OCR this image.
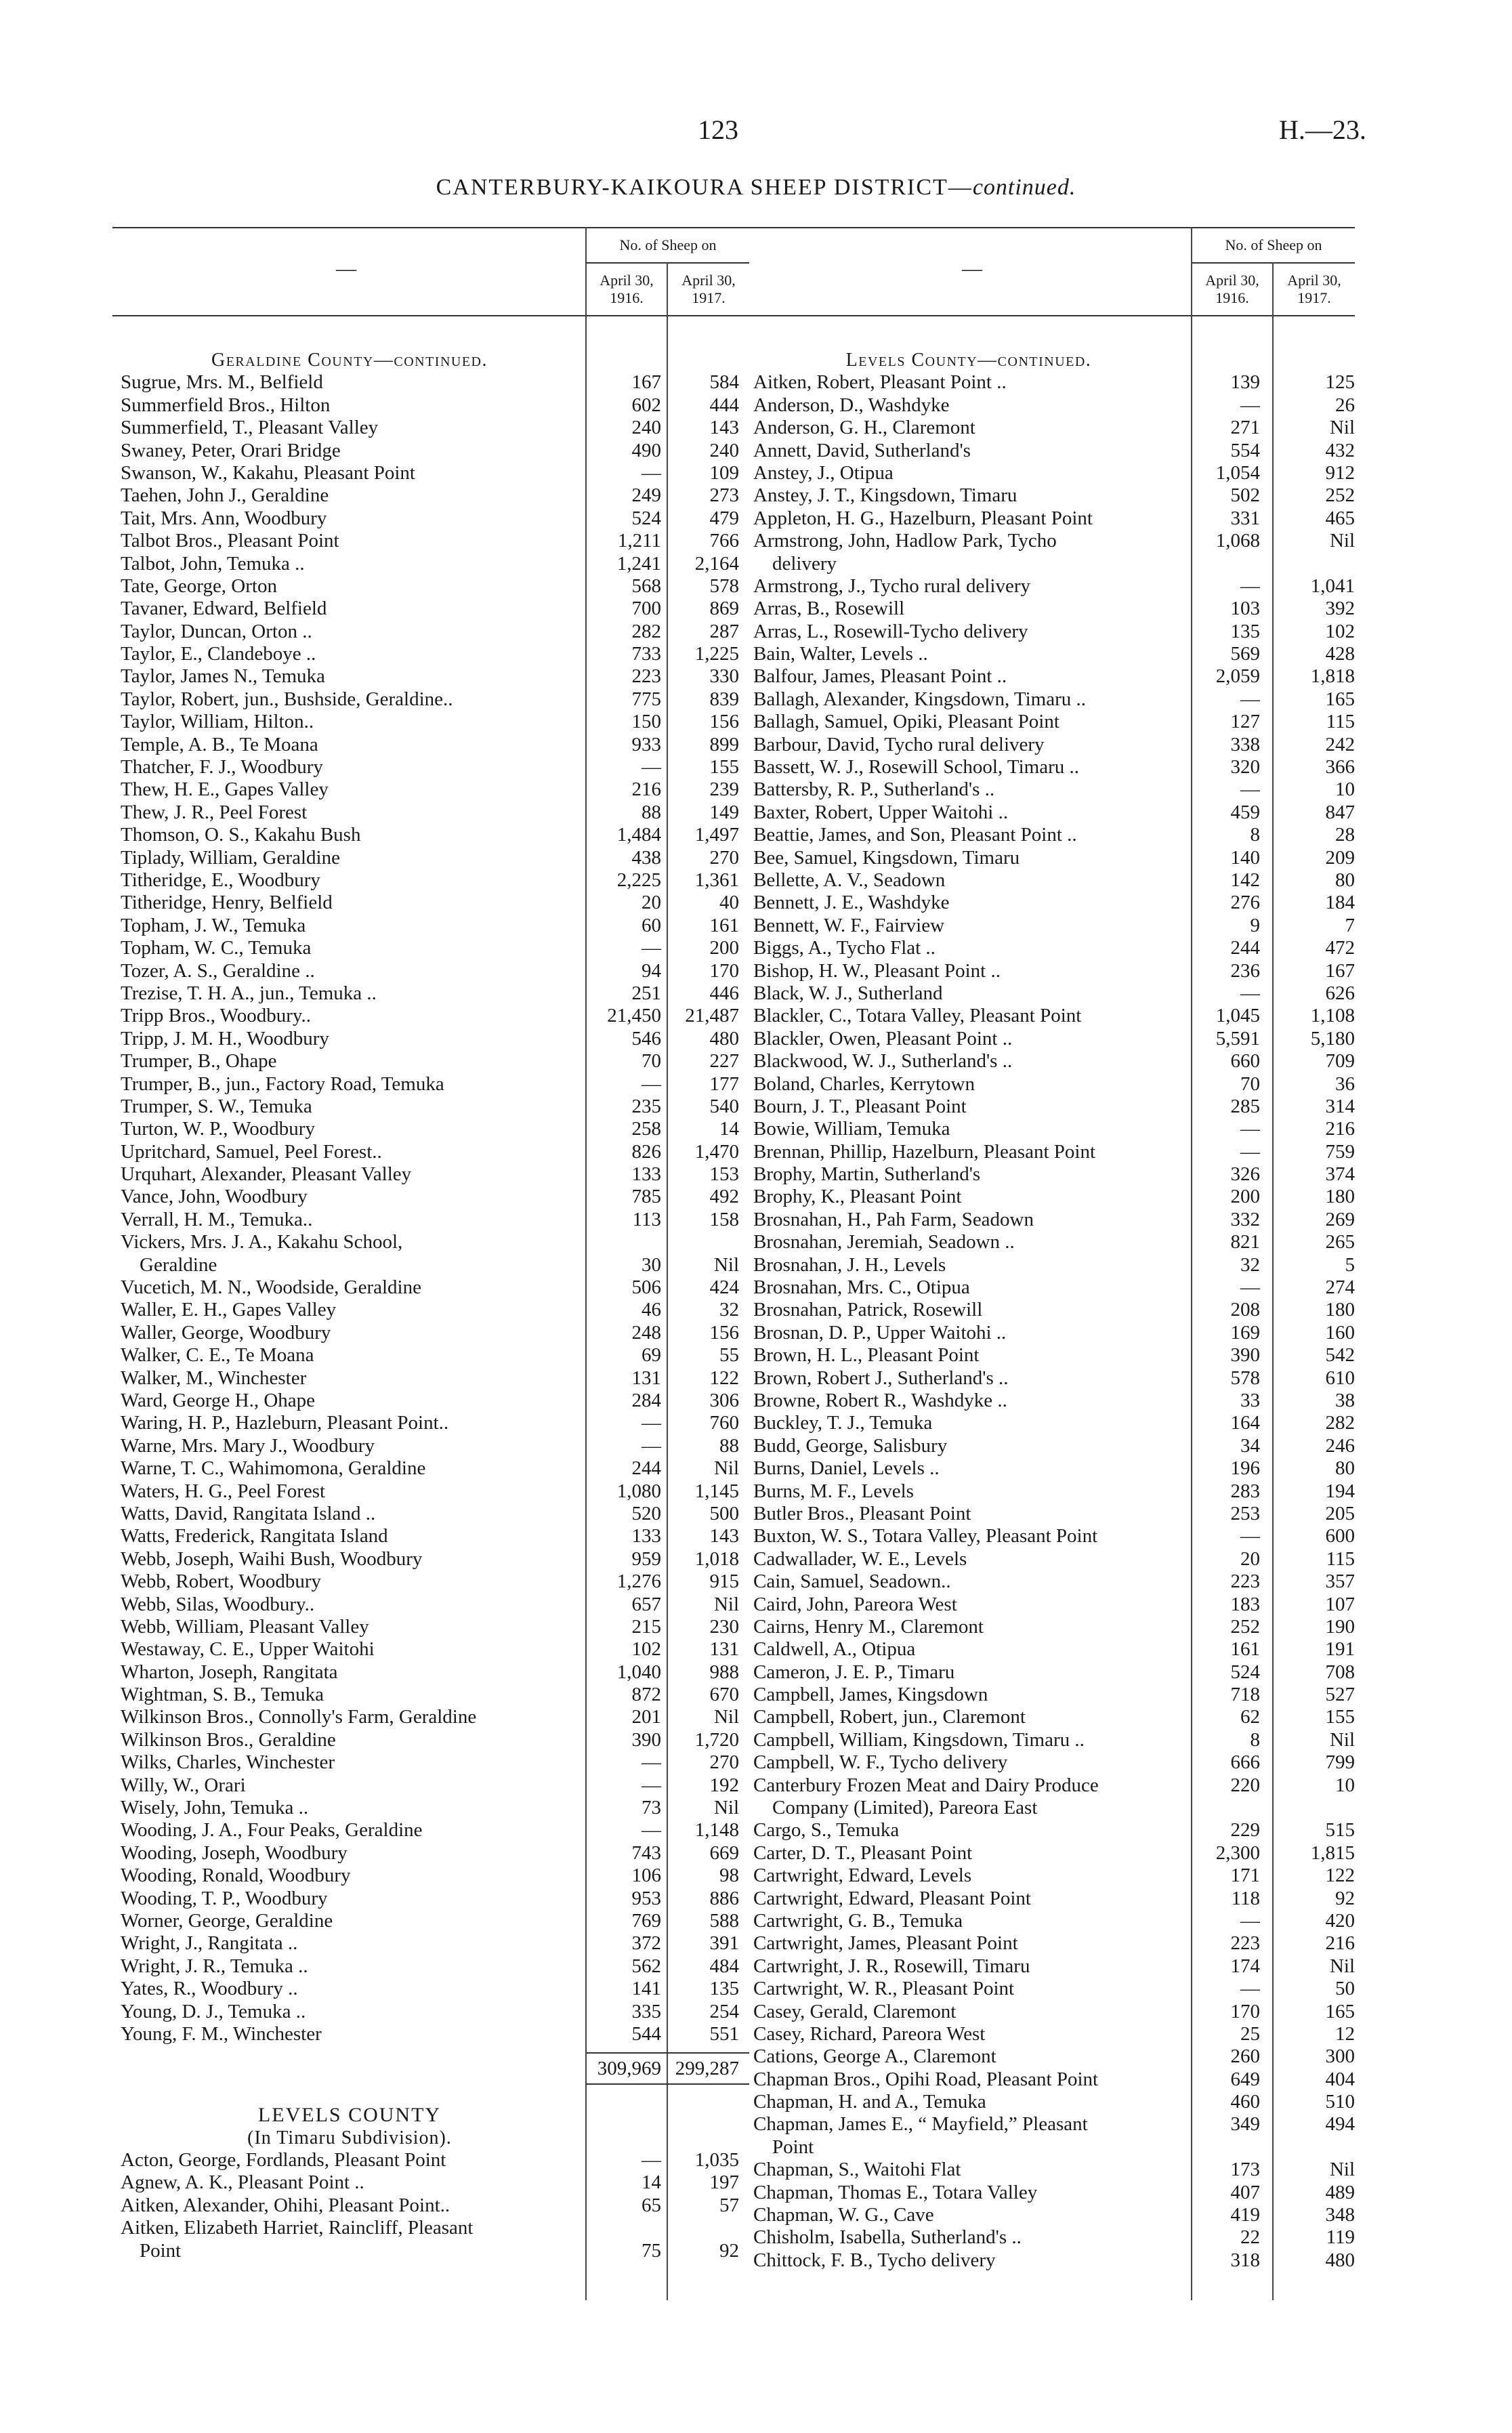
123	H.—23.
CANTERBURY-KAIKOURA SHEEP DISTRICT—continued.
—
No. of Sheep on
April 30,
1916.
April 30,
1917.
Geraldine County—continued.
Sugrue, Mrs. M., Belfield	167	584
Summerfield Bros., Hilton	602	444
Summerfield, T., Pleasant Valley	240	143
Swaney, Peter, Orari Bridge	490	240
Swanson, W., Kakahu, Pleasant Point	—	109
Taehen, John J., Geraldine	249	273
Tait, Mrs. Ann, Woodbury	524	479
Talbot Bros., Pleasant Point	1,211	766
Talbot, John, Temuka ..	1,241	2,164
Tate, George, Orton	568	578
Tavaner, Edward, Belfield	700	869
Taylor, Duncan, Orton ..	282	287
Taylor, E., Clandeboye ..	733	1,225
Taylor, James N., Temuka	223	330
Taylor, Robert, jun., Bushside, Geraldine..	775	839
Taylor, William, Hilton..	150	156
Temple, A. B., Te Moana	933	899
Thatcher, F. J., Woodbury	—	155
Thew, H. E., Gapes Valley	216	239
Thew, J. R., Peel Forest	88	149
Thomson, O. S., Kakahu Bush	1,484	1,497
Tiplady, William, Geraldine	438	270
Titheridge, E., Woodbury	2,225	1,361
Titheridge, Henry, Belfield	20	40
Topham, J. W., Temuka	60	161
Topham, W. C., Temuka	—	200
Tozer, A. S., Geraldine ..	94	170
Trezise, T. H. A., jun., Temuka ..	251	446
Tripp Bros., Woodbury..	21,450	21,487
Tripp, J. M. H., Woodbury	546	480
Trumper, B., Ohape	70	227
Trumper, B., jun., Factory Road, Temuka	—	177
Trumper, S. W., Temuka	235	540
Turton, W. P., Woodbury	258	14
Upritchard, Samuel, Peel Forest..	826	1,470
Urquhart, Alexander, Pleasant Valley	133	153
Vance, John, Woodbury	785	492
Verrall, H. M., Temuka..	113	158
Vickers, Mrs. J. A., Kakahu School,
Geraldine	30	Nil
Vucetich, M. N., Woodside, Geraldine	506	424
Waller, E. H., Gapes Valley	46	32
Waller, George, Woodbury	248	156
Walker, C. E., Te Moana	69	55
Walker, M., Winchester	131	122
Ward, George H., Ohape	284	306
Waring, H. P., Hazleburn, Pleasant Point..	—	760
Warne, Mrs. Mary J., Woodbury	—	88
Warne, T. C., Wahimomona, Geraldine	244	Nil
Waters, H. G., Peel Forest	1,080	1,145
Watts, David, Rangitata Island ..	520	500
Watts, Frederick, Rangitata Island	133	143
Webb, Joseph, Waihi Bush, Woodbury	959	1,018
Webb, Robert, Woodbury	1,276	915
Webb, Silas, Woodbury..	657	Nil
Webb, William, Pleasant Valley	215	230
Westaway, C. E., Upper Waitohi	102	131
Wharton, Joseph, Rangitata	1,040	988
Wightman, S. B., Temuka	872	670
Wilkinson Bros., Connolly's Farm, Geraldine	201	Nil
Wilkinson Bros., Geraldine	390	1,720
Wilks, Charles, Winchester	—	270
Willy, W., Orari	—	192
Wisely, John, Temuka ..	73	Nil
Wooding, J. A., Four Peaks, Geraldine	—	1,148
Wooding, Joseph, Woodbury	743	669
Wooding, Ronald, Woodbury	106	98
Wooding, T. P., Woodbury	953	886
Worner, George, Geraldine	769	588
Wright, J., Rangitata ..	372	391
Wright, J. R., Temuka ..	562	484
Yates, R., Woodbury ..	141	135
Young, D. J., Temuka ..	335	254
Young, F. M., Winchester	544	551
309,969 299,287
LEVELS COUNTY
(In Timaru Subdivision).
Acton, George, Fordlands, Pleasant Point	—	1,035
Agnew, A. K., Pleasant Point ..	14	197
Aitken, Alexander, Ohihi, Pleasant Point..	65	57
Aitken, Elizabeth Harriet, Raincliff, Pleasant
Point	75	92
—
No. of Sheep on
April 30,
1916.
April 30,
1917.
Levels County—continued.
Aitken, Robert, Pleasant Point ..	139	125
Anderson, D., Washdyke	—	26
Anderson, G. H., Claremont	271	Nil
Annett, David, Sutherland's	554	432
Anstey, J., Otipua	1,054	912
Anstey, J. T., Kingsdown, Timaru	502	252
Appleton, H. G., Hazelburn, Pleasant Point	331	465
Armstrong, John, Hadlow Park, Tycho
delivery
1,068	Nil
Armstrong, J., Tycho rural delivery	—	1,041
Arras, B., Rosewill	103	392
Arras, L., Rosewill-Tycho delivery	135	102
Bain, Walter, Levels ..	569	428
Balfour, James, Pleasant Point ..	2,059	1,818
Ballagh, Alexander, Kingsdown, Timaru ..	—	165
Ballagh, Samuel, Opiki, Pleasant Point	127	115
Barbour, David, Tycho rural delivery	338	242
Bassett, W. J., Rosewill School, Timaru ..	320	366
Battersby, R. P., Sutherland's ..	—	10
Baxter, Robert, Upper Waitohi ..	459	847
Beattie, James, and Son, Pleasant Point ..	8	28
Bee, Samuel, Kingsdown, Timaru	140	209
Bellette, A. V., Seadown	142	80
Bennett, J. E., Washdyke	276	184
Bennett, W. F., Fairview	9	7
Biggs, A., Tycho Flat ..	244	472
Bishop, H. W., Pleasant Point ..	236	167
Black, W. J., Sutherland	—	626
Blackler, C., Totara Valley, Pleasant Point	1,045	1,108
Blackler, Owen, Pleasant Point ..	5,591	5,180
Blackwood, W. J., Sutherland's ..	660	709
Boland, Charles, Kerrytown	70	36
Bourn, J. T., Pleasant Point	285	314
Bowie, William, Temuka	—	216
Brennan, Phillip, Hazelburn, Pleasant Point	—	759
Brophy, Martin, Sutherland's	326	374
Brophy, K., Pleasant Point	200	180
Brosnahan, H., Pah Farm, Seadown	332	269
Brosnahan, Jeremiah, Seadown ..	821	265
Brosnahan, J. H., Levels	32	5
Brosnahan, Mrs. C., Otipua	—	274
Brosnahan, Patrick, Rosewill	208	180
Brosnan, D. P., Upper Waitohi ..	169	160
Brown, H. L., Pleasant Point	390	542
Brown, Robert J., Sutherland's ..	578	610
Browne, Robert R., Washdyke ..	33	38
Buckley, T. J., Temuka	164	282
Budd, George, Salisbury	34	246
Burns, Daniel, Levels ..	196	80
Burns, M. F., Levels	283	194
Butler Bros., Pleasant Point	253	205
Buxton, W. S., Totara Valley, Pleasant Point	—	600
Cadwallader, W. E., Levels	20	115
Cain, Samuel, Seadown..	223	357
Caird, John, Pareora West	183	107
Cairns, Henry M., Claremont	252	190
Caldwell, A., Otipua	161	191
Cameron, J. E. P., Timaru	524	708
Campbell, James, Kingsdown	718	527
Campbell, Robert, jun., Claremont	62	155
Campbell, William, Kingsdown, Timaru ..	8	Nil
Campbell, W. F., Tycho delivery	666	799
Canterbury Frozen Meat and Dairy Produce	220	10
Company (Limited), Pareora East
Cargo, S., Temuka	229	515
Carter, D. T., Pleasant Point	2,300	1,815
Cartwright, Edward, Levels	171	122
Cartwright, Edward, Pleasant Point	118	92
Cartwright, G. B., Temuka	—	420
Cartwright, James, Pleasant Point	223	216
Cartwright, J. R., Rosewill, Timaru	174	Nil
Cartwright, W. R., Pleasant Point	—	50
Casey, Gerald, Claremont	170	165
Casey, Richard, Pareora West	25	12
Cations, George A., Claremont	260	300
Chapman Bros., Opihi Road, Pleasant Point	649	404
Chapman, H. and A., Temuka	460	510
Chapman, James E., “ Mayfield,” Pleasant
Point
349	494
Chapman, S., Waitohi Flat	173	Nil
Chapman, Thomas E., Totara Valley	407	489
Chapman, W. G., Cave	419	348
Chisholm, Isabella, Sutherland's ..	22	119
Chittock, F. B., Tycho delivery	318	480
